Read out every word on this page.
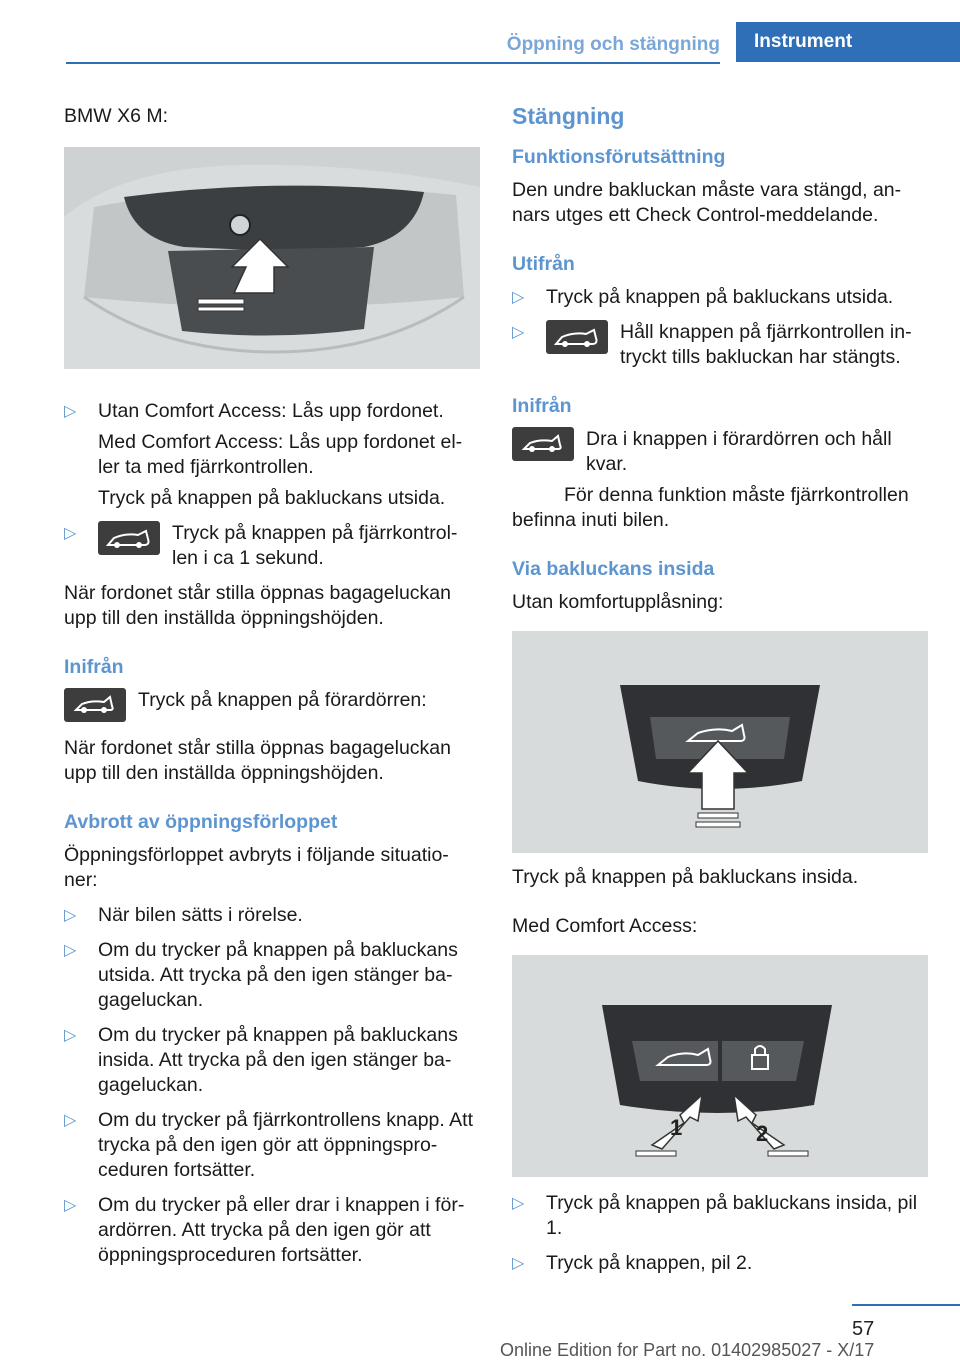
Öppning och stängning	Instrument

BMW X6 M:

▷ Utan Comfort Access: Lås upp fordonet.

Med Comfort Access: Lås upp fordonet el-ler ta med fjärrkontrollen.

Tryck på knappen på bakluckans utsida.

▷	Tryck på knappen på fjärrkontrol-len i ca 1 sekund.

När fordonet står stilla öppnas bagageluckan upp till den inställda öppningshöjden.

Inifrån
Tryck på knappen på förardörren:

När fordonet står stilla öppnas bagageluckan upp till den inställda öppningshöjden.

Avbrott av öppningsförloppet

Öppningsförloppet avbryts i följande situatio-ner:

▷ När bilen sätts i rörelse.
▷ Om du trycker på knappen på bakluckans utsida. Att trycka på den igen stänger ba-gageluckan.
▷ Om du trycker på knappen på bakluckans insida. Att trycka på den igen stänger ba-gageluckan.
▷ Om du trycker på fjärrkontrollens knapp. Att trycka på den igen gör att öppningspro-ceduren fortsätter.
▷ Om du trycker på eller drar i knappen i för-ardörren. Att trycka på den igen gör att öppningsproceduren fortsätter.
Stängning
Funktionsförutsättning

Den undre bakluckan måste vara stängd, an-nars utges ett Check Control-meddelande.

Utifrån
▷ Tryck på knappen på bakluckans utsida.
▷	Håll knappen på fjärrkontrollen in-tryckt tills bakluckan har stängts.
Inifrån

Dra i knappen i förardörren och håll kvar.

För denna funktion måste fjärrkontrollen befinna inuti bilen.

Via bakluckans insida

Utan komfortupplåsning:

Tryck på knappen på bakluckans insida.

Med Comfort Access:

1	2
▷ Tryck på knappen på bakluckans insida, pil 1.
▷ Tryck på knappen, pil 2.
57
Online Edition for Part no. 01402985027 - X/17
